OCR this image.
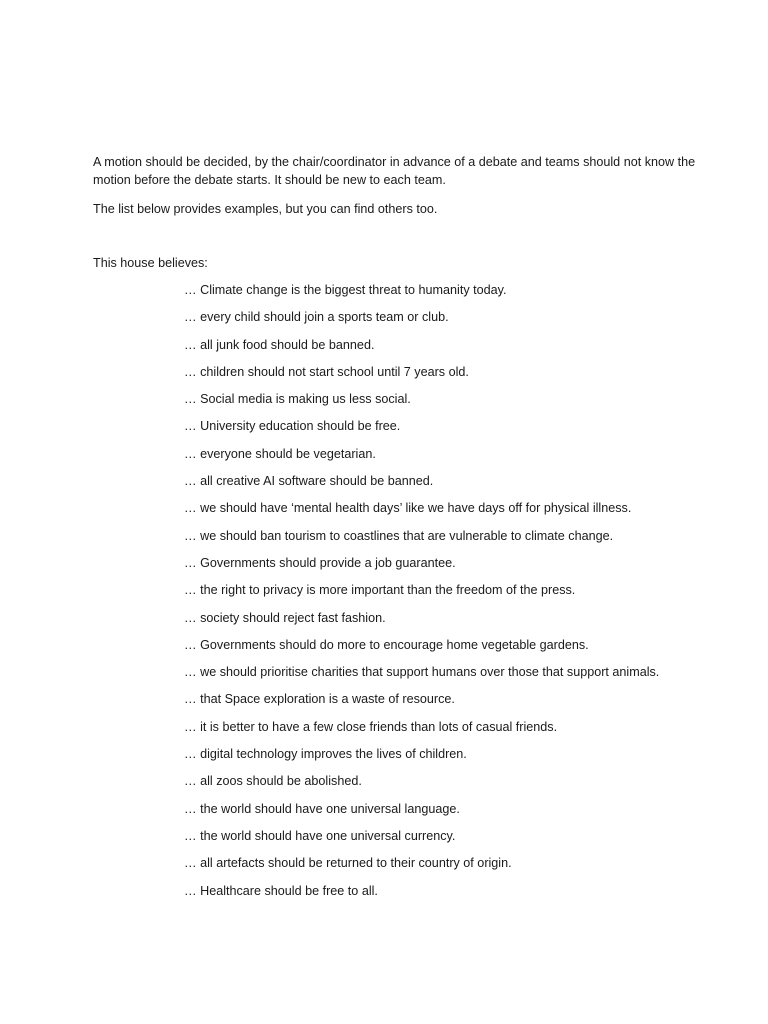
A motion should be decided, by the chair/coordinator in advance of a debate and teams should not know the motion before the debate starts. It should be new to each team.

The list below provides examples, but you can find others too.

This house believes:

… Climate change is the biggest threat to humanity today.
… every child should join a sports team or club.
… all junk food should be banned.
… children should not start school until 7 years old.
… Social media is making us less social.
… University education should be free.
… everyone should be vegetarian.
… all creative AI software should be banned.
… we should have ‘mental health days’ like we have days off for physical illness.
… we should ban tourism to coastlines that are vulnerable to climate change.
… Governments should provide a job guarantee.
… the right to privacy is more important than the freedom of the press.
… society should reject fast fashion.
… Governments should do more to encourage home vegetable gardens.
… we should prioritise charities that support humans over those that support animals.
… that Space exploration is a waste of resource.
… it is better to have a few close friends than lots of casual friends.
… digital technology improves the lives of children.
… all zoos should be abolished.
… the world should have one universal language.
… the world should have one universal currency.
… all artefacts should be returned to their country of origin.
… Healthcare should be free to all.
